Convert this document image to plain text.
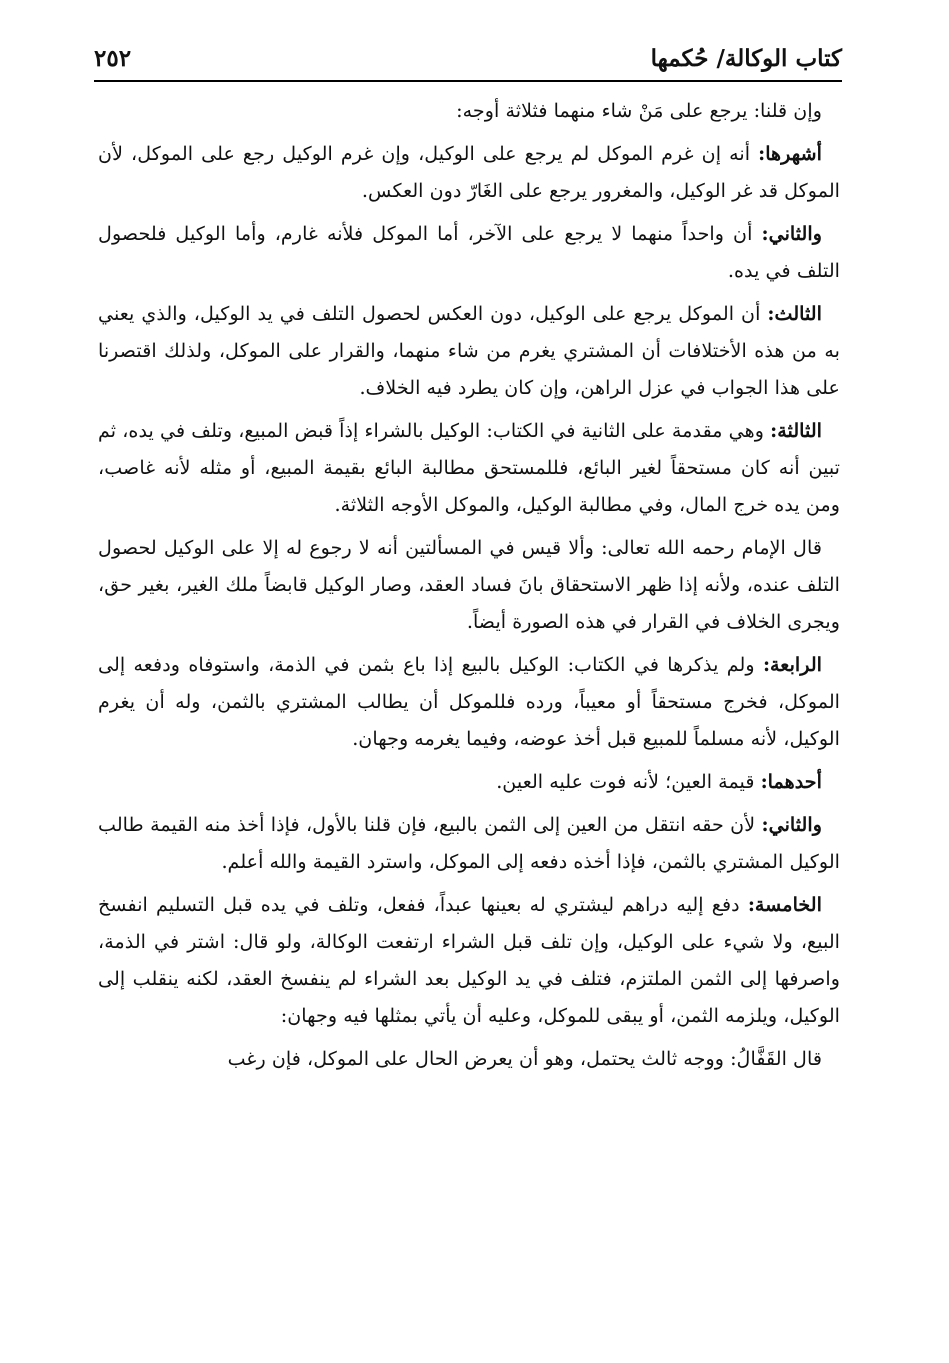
كتاب الوكالة/ حُكمها
٢٥٢

وإن قلنا: يرجع على مَنْ شاء منهما فثلاثة أوجه:

أشهرها: أنه إن غرم الموكل لم يرجع على الوكيل، وإن غرم الوكيل رجع على الموكل، لأن الموكل قد غر الوكيل، والمغرور يرجع على الغَارّ دون العكس.

والثاني: أن واحداً منهما لا يرجع على الآخر، أما الموكل فلأنه غارم، وأما الوكيل فلحصول التلف في يده.

الثالث: أن الموكل يرجع على الوكيل، دون العكس لحصول التلف في يد الوكيل، والذي يعني به من هذه الأختلافات أن المشتري يغرم من شاء منهما، والقرار على الموكل، ولذلك اقتصرنا على هذا الجواب في عزل الراهن، وإن كان يطرد فيه الخلاف.

الثالثة: وهي مقدمة على الثانية في الكتاب: الوكيل بالشراء إذاً قبض المبيع، وتلف في يده، ثم تبين أنه كان مستحقاً لغير البائع، فللمستحق مطالبة البائع بقيمة المبيع، أو مثله لأنه غاصب، ومن يده خرج المال، وفي مطالبة الوكيل، والموكل الأوجه الثلاثة.

قال الإمام رحمه الله تعالى: وألا قيس في المسألتين أنه لا رجوع له إلا على الوكيل لحصول التلف عنده، ولأنه إذا ظهر الاستحقاق بانَ فساد العقد، وصار الوكيل قابضاً ملك الغير، بغير حق، ويجرى الخلاف في القرار في هذه الصورة أيضاً.

الرابعة: ولم يذكرها في الكتاب: الوكيل بالبيع إذا باع بثمن في الذمة، واستوفاه ودفعه إلى الموكل، فخرج مستحقاً أو معيباً، ورده فللموكل أن يطالب المشتري بالثمن، وله أن يغرم الوكيل، لأنه مسلماً للمبيع قبل أخذ عوضه، وفيما يغرمه وجهان.

أحدهما: قيمة العين؛ لأنه فوت عليه العين.

والثاني: لأن حقه انتقل من العين إلى الثمن بالبيع، فإن قلنا بالأول، فإذا أخذ منه القيمة طالب الوكيل المشتري بالثمن، فإذا أخذه دفعه إلى الموكل، واسترد القيمة والله أعلم.

الخامسة: دفع إليه دراهم ليشتري له بعينها عبداً، ففعل، وتلف في يده قبل التسليم انفسخ البيع، ولا شيء على الوكيل، وإن تلف قبل الشراء ارتفعت الوكالة، ولو قال: اشتر في الذمة، واصرفها إلى الثمن الملتزم، فتلف في يد الوكيل بعد الشراء لم ينفسخ العقد، لكنه ينقلب إلى الوكيل، ويلزمه الثمن، أو يبقى للموكل، وعليه أن يأتي بمثلها فيه وجهان:

قال القَفَّالُ: ووجه ثالث يحتمل، وهو أن يعرض الحال على الموكل، فإن رغب
